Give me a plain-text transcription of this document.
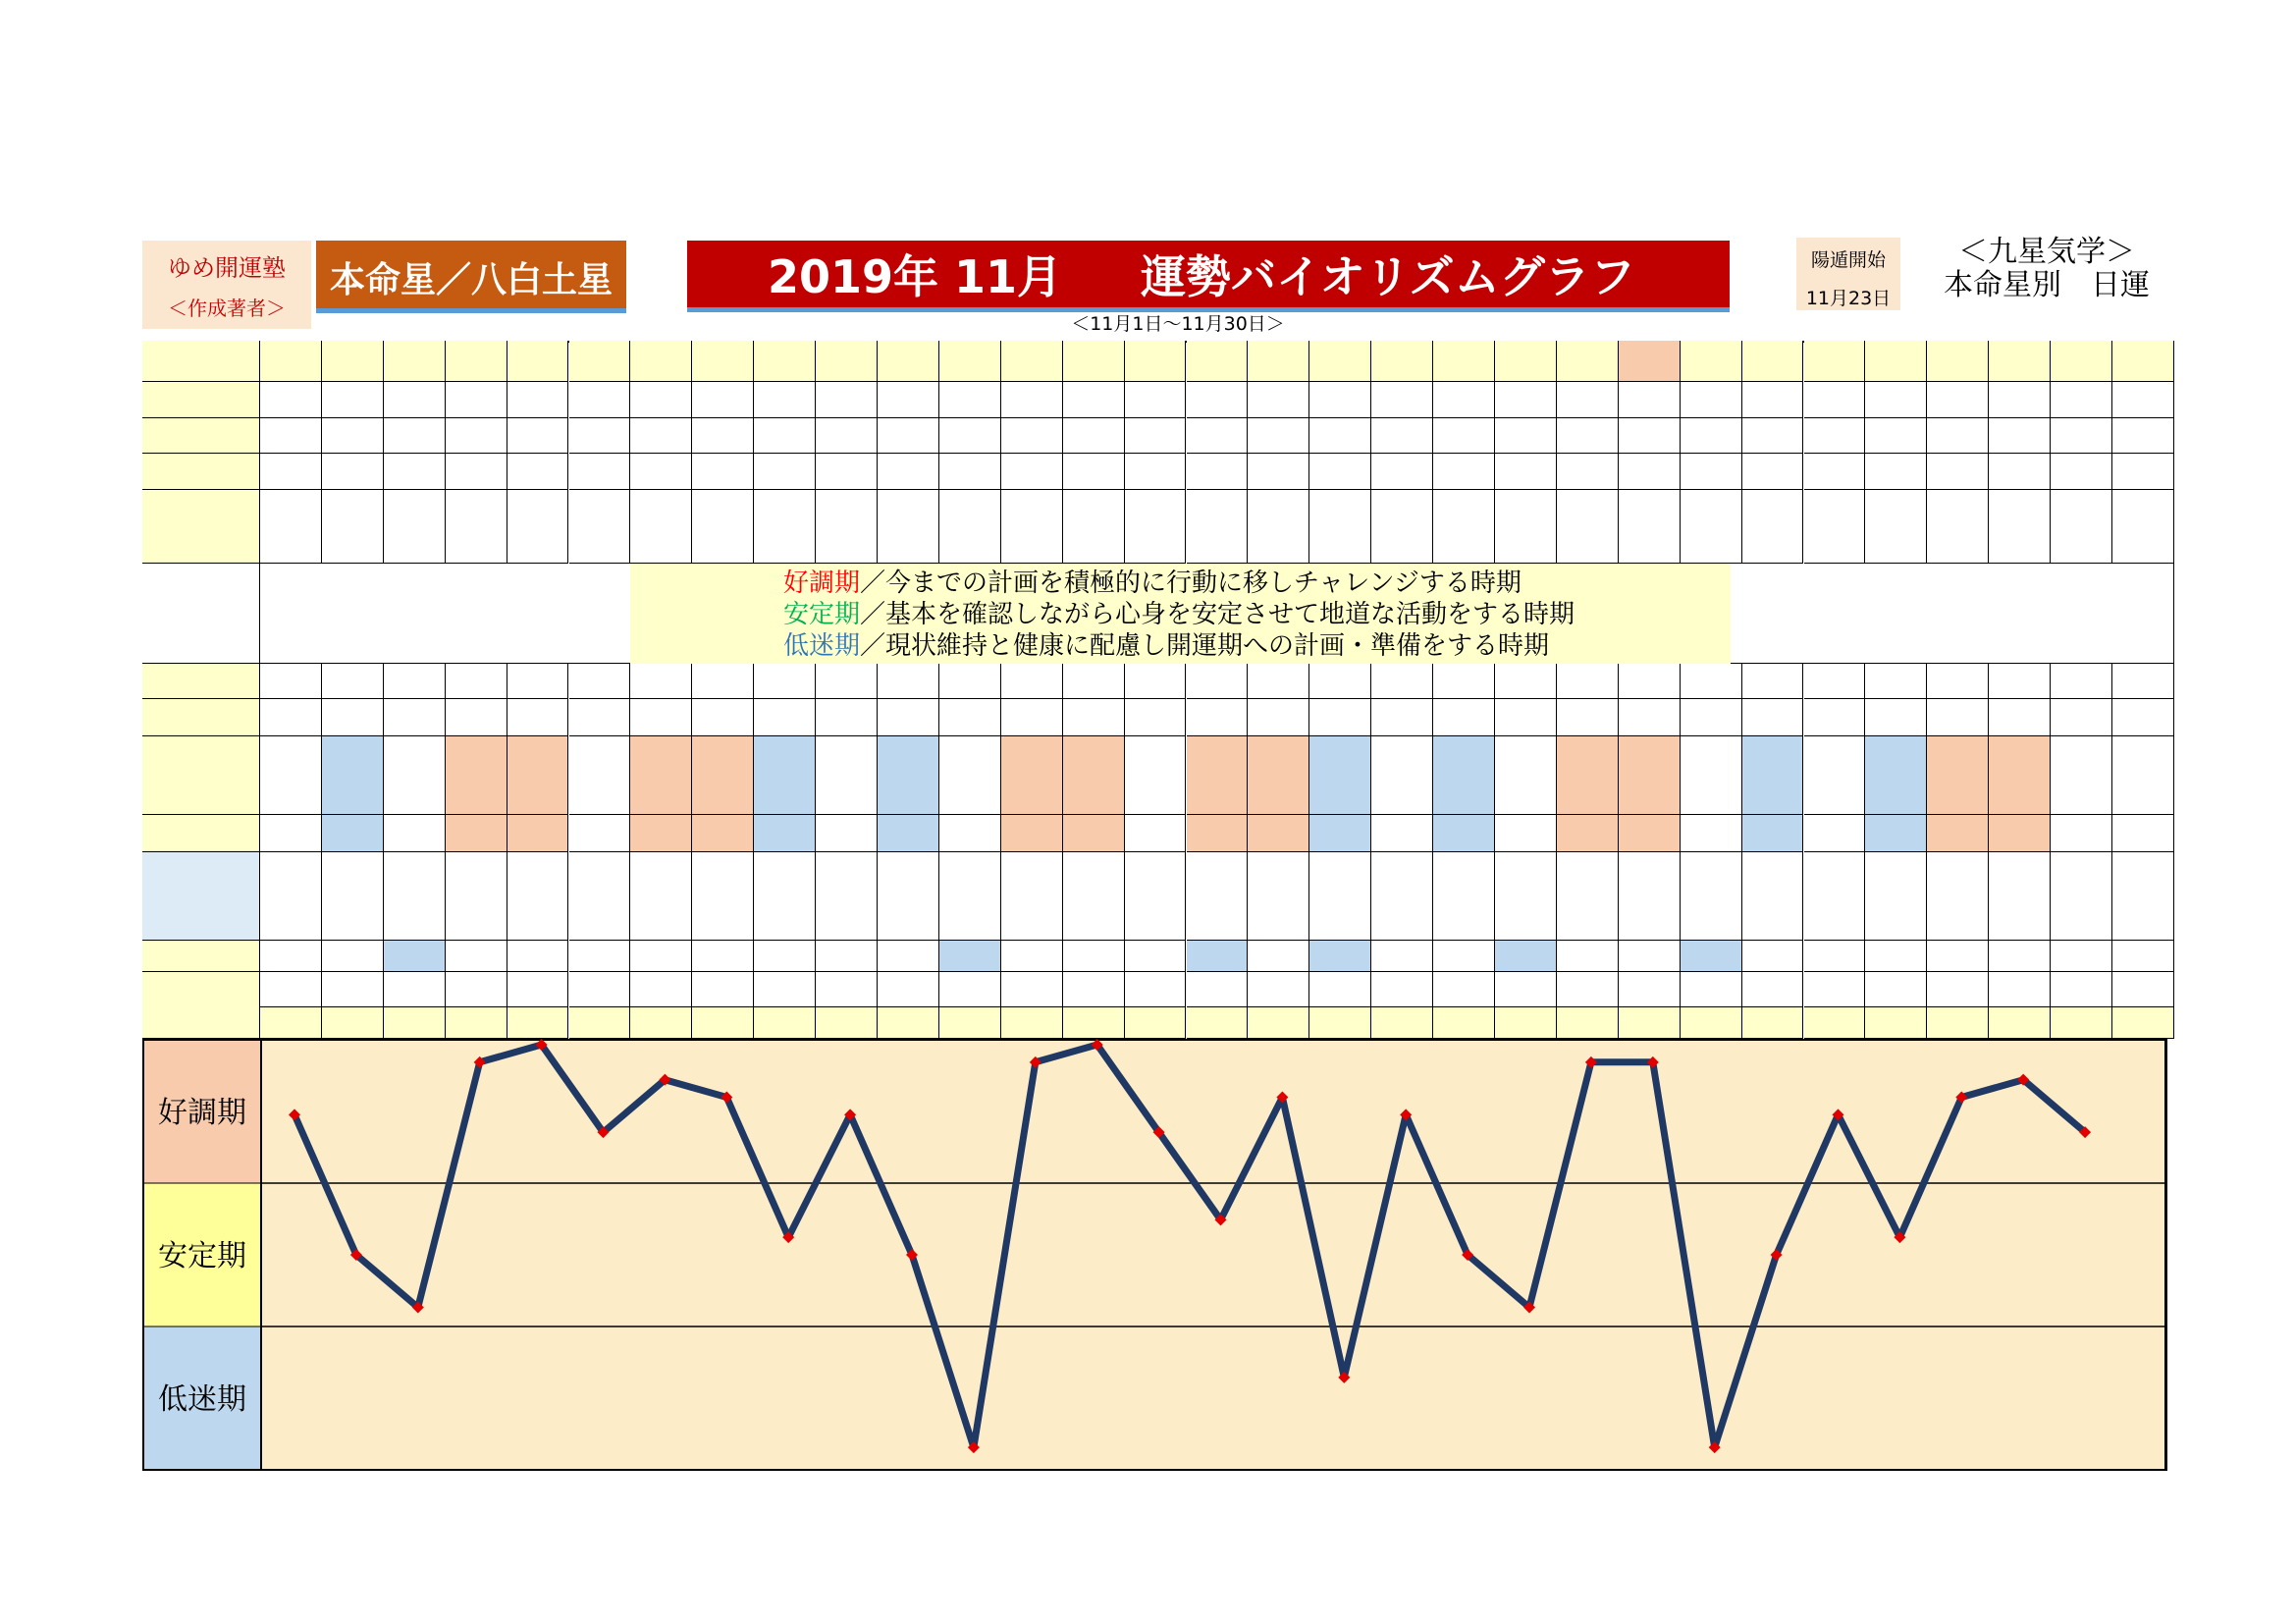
ゆめ開運塾
＜作成著者＞
本命星／八白土星	2019年 11月	運勢バイオリズムグラフ
＜11月1日～11月30日＞
陽遁開始
11月23日
＜九星気学＞
本命星別　日運
好調期／今までの計画を積極的に行動に移しチャレンジする時期
安定期／基本を確認しながら心身を安定させて地道な活動をする時期
低迷期／現状維持と健康に配慮し開運期への計画・準備をする時期
好調期
安定期
低迷期
